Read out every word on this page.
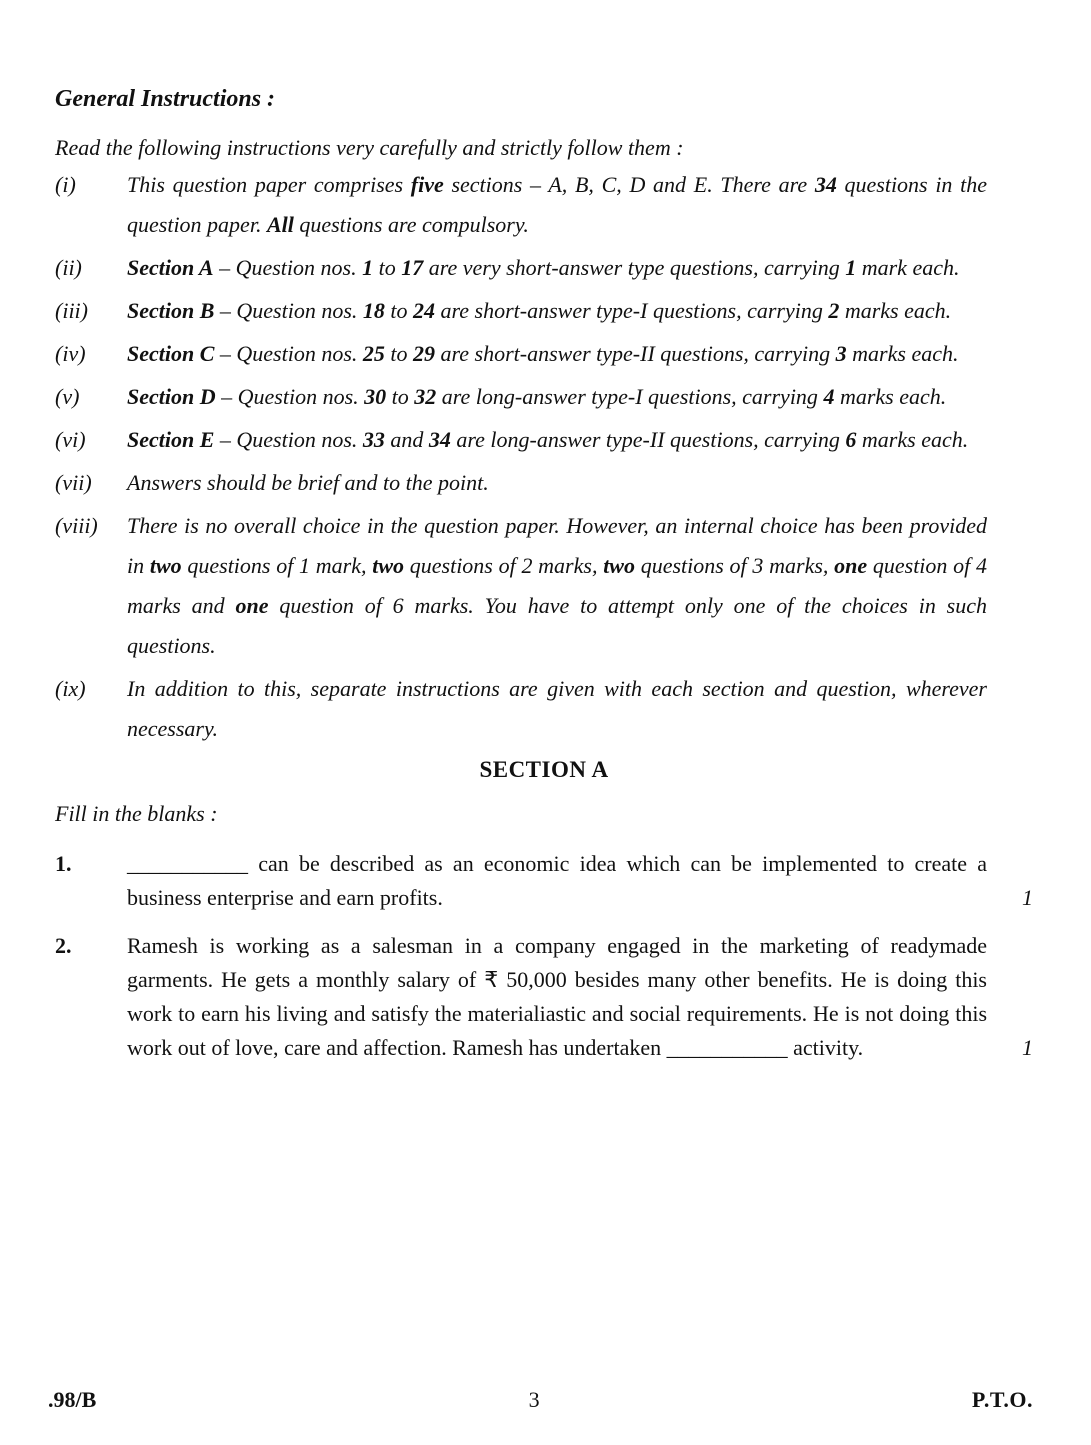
General Instructions :
Read the following instructions very carefully and strictly follow them :
(i)	This question paper comprises five sections – A, B, C, D and E. There are 34 questions in the question paper. All questions are compulsory.
(ii)	Section A – Question nos. 1 to 17 are very short-answer type questions, carrying 1 mark each.
(iii)	Section B – Question nos. 18 to 24 are short-answer type-I questions, carrying 2 marks each.
(iv)	Section C – Question nos. 25 to 29 are short-answer type-II questions, carrying 3 marks each.
(v)	Section D – Question nos. 30 to 32 are long-answer type-I questions, carrying 4 marks each.
(vi)	Section E – Question nos. 33 and 34 are long-answer type-II questions, carrying 6 marks each.
(vii)	Answers should be brief and to the point.
(viii)	There is no overall choice in the question paper. However, an internal choice has been provided in two questions of 1 mark, two questions of 2 marks, two questions of 3 marks, one question of 4 marks and one question of 6 marks. You have to attempt only one of the choices in such questions.
(ix)	In addition to this, separate instructions are given with each section and question, wherever necessary.
SECTION A
Fill in the blanks :
1.	___________ can be described as an economic idea which can be implemented to create a business enterprise and earn profits.	1
2.	Ramesh is working as a salesman in a company engaged in the marketing of readymade garments. He gets a monthly salary of ₹ 50,000 besides many other benefits. He is doing this work to earn his living and satisfy the materialiastic and social requirements. He is not doing this work out of love, care and affection. Ramesh has undertaken ___________ activity.	1
.98/B	3	P.T.O.
